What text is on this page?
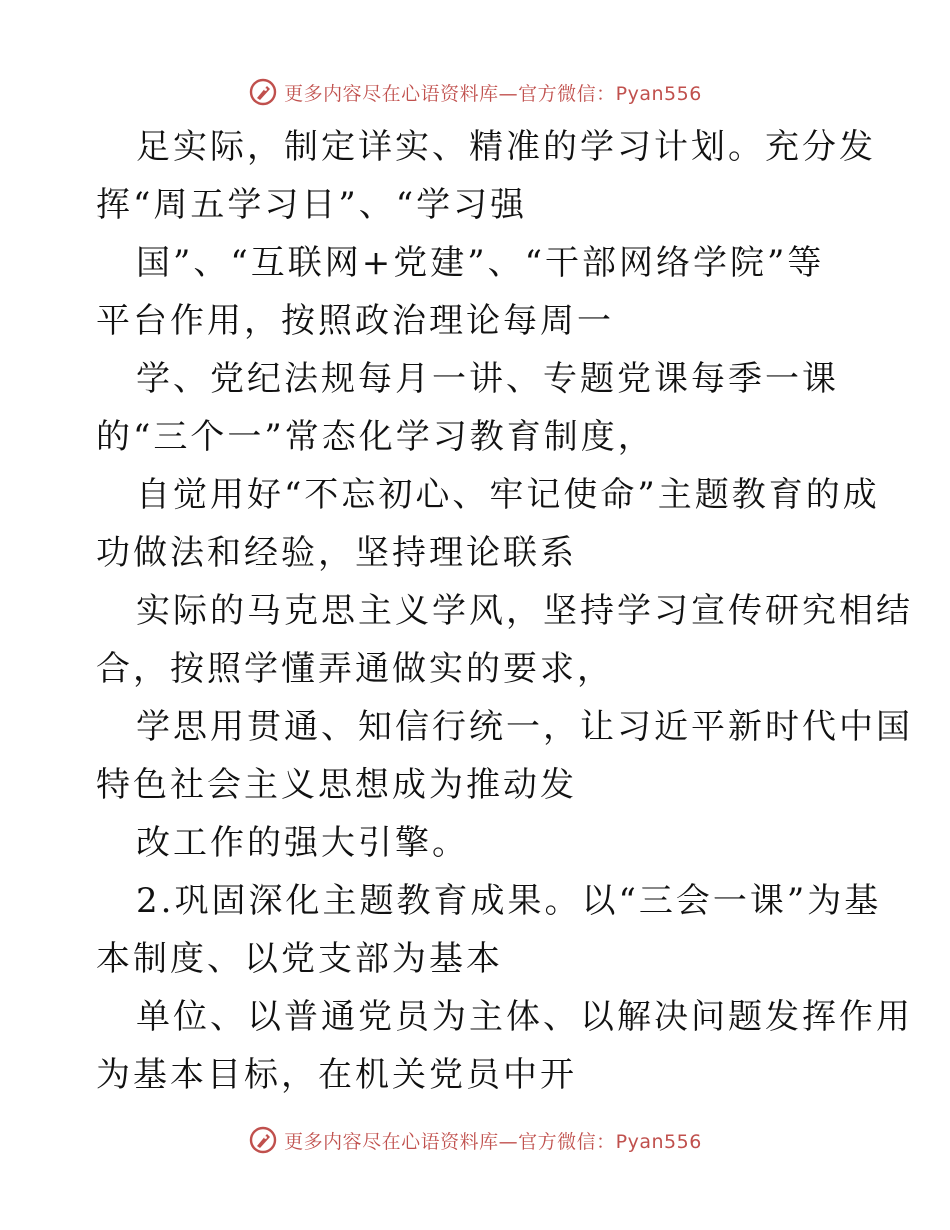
更多内容尽在心语资料库—官方微信：Pyan556
足实际，制定详实、精准的学习计划。充分发
挥“周五学习日”、“学习强
国”、“互联网+党建”、“干部网络学院”等
平台作用，按照政治理论每周一
学、党纪法规每月一讲、专题党课每季一课
的“三个一”常态化学习教育制度，
自觉用好“不忘初心、牢记使命”主题教育的成
功做法和经验，坚持理论联系
实际的马克思主义学风，坚持学习宣传研究相结
合，按照学懂弄通做实的要求，
学思用贯通、知信行统一，让习近平新时代中国
特色社会主义思想成为推动发
改工作的强大引擎。
2.巩固深化主题教育成果。以“三会一课”为基
本制度、以党支部为基本
单位、以普通党员为主体、以解决问题发挥作用
为基本目标，在机关党员中开
更多内容尽在心语资料库—官方微信：Pyan556
